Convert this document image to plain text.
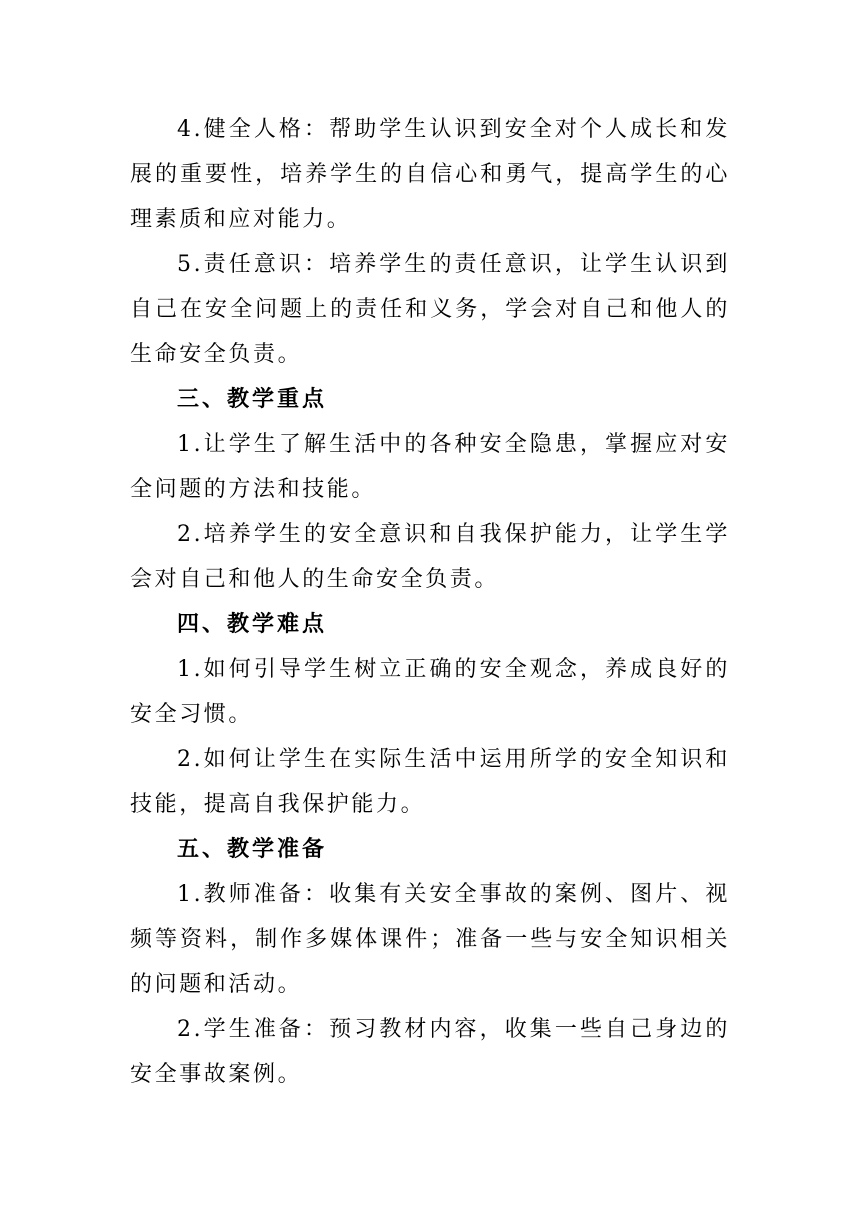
4.健全人格：帮助学生认识到安全对个人成长和发展的重要性，培养学生的自信心和勇气，提高学生的心理素质和应对能力。

5.责任意识：培养学生的责任意识，让学生认识到自己在安全问题上的责任和义务，学会对自己和他人的生命安全负责。

三、教学重点

1.让学生了解生活中的各种安全隐患，掌握应对安全问题的方法和技能。

2.培养学生的安全意识和自我保护能力，让学生学会对自己和他人的生命安全负责。

四、教学难点

1.如何引导学生树立正确的安全观念，养成良好的安全习惯。

2.如何让学生在实际生活中运用所学的安全知识和技能，提高自我保护能力。

五、教学准备

1.教师准备：收集有关安全事故的案例、图片、视频等资料，制作多媒体课件；准备一些与安全知识相关的问题和活动。

2.学生准备：预习教材内容，收集一些自己身边的安全事故案例。
